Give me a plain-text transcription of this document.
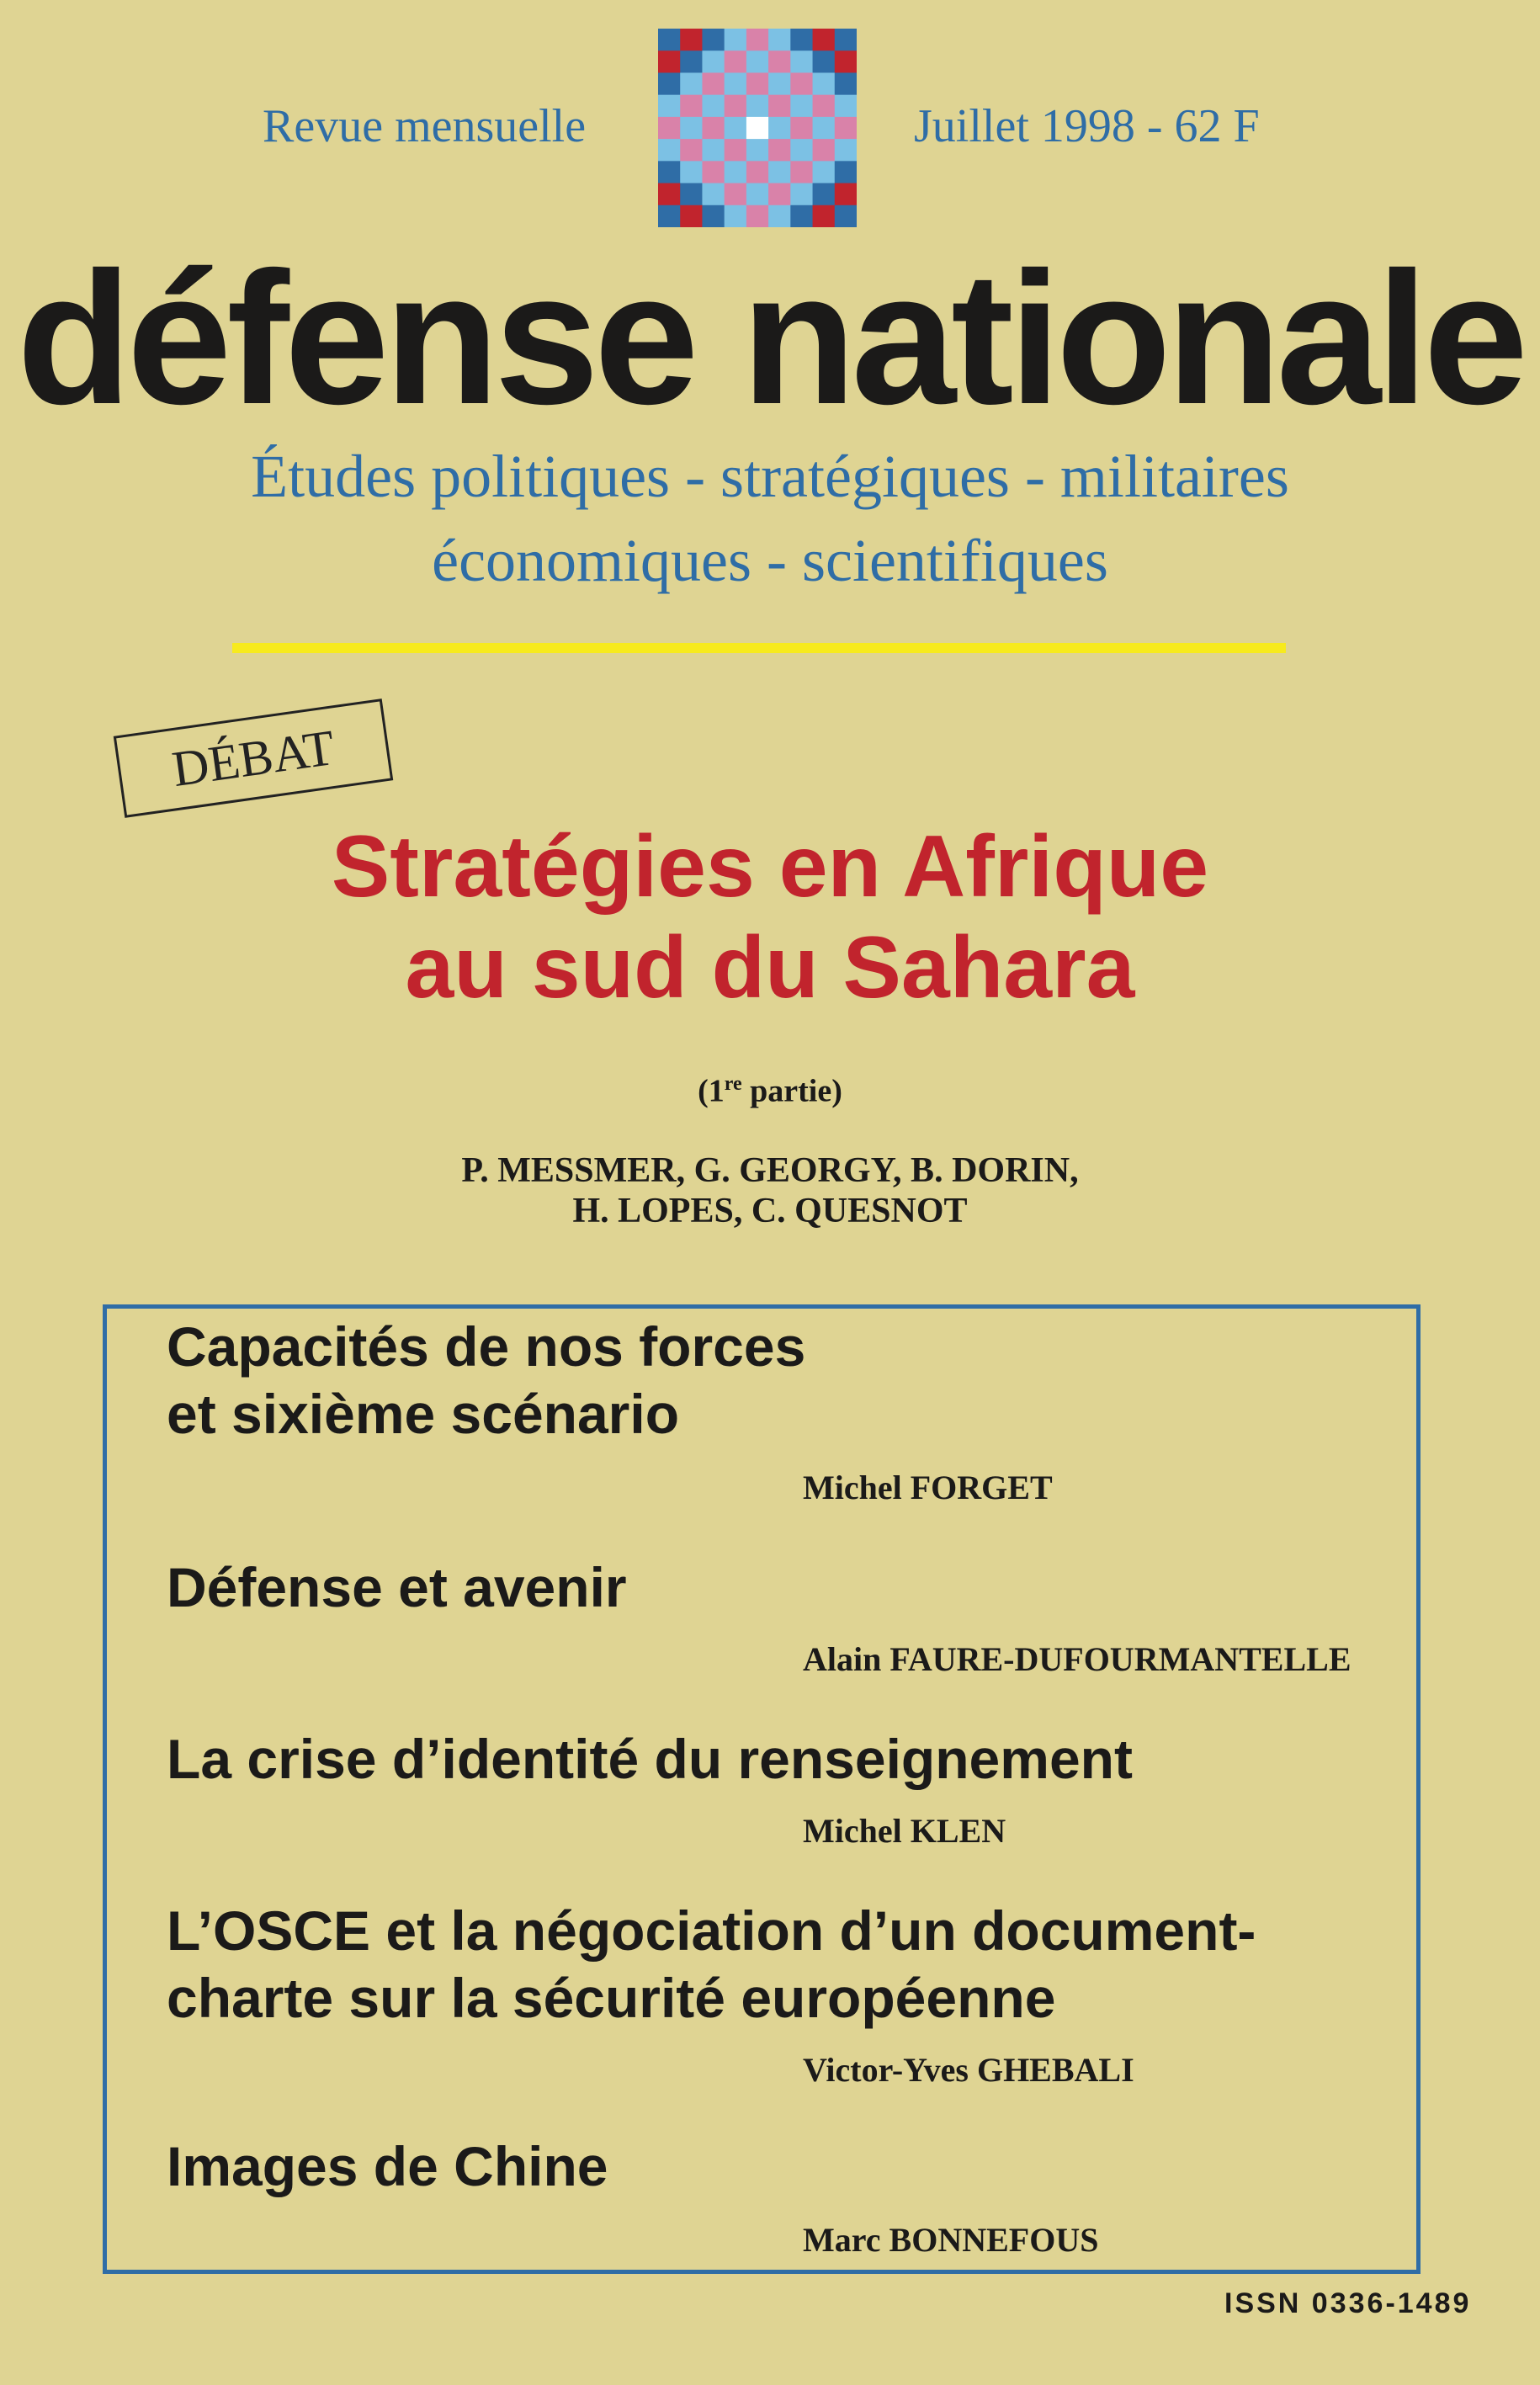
Revue mensuelle	Juillet 1998 - 62 F
défense nationale
Études politiques - stratégiques - militaires
économiques - scientifiques
DÉBAT
Stratégies en Afrique
au sud du Sahara
(1re partie)
P. MESSMER, G. GEORGY, B. DORIN,
H. LOPES, C. QUESNOT
Capacités de nos forces
et sixième scénario
Michel FORGET
Défense et avenir
Alain FAURE-DUFOURMANTELLE
La crise d’identité du renseignement
Michel KLEN
L’OSCE et la négociation d’un document-
charte sur la sécurité européenne
Victor-Yves GHEBALI
Images de Chine
Marc BONNEFOUS
ISSN 0336-1489
